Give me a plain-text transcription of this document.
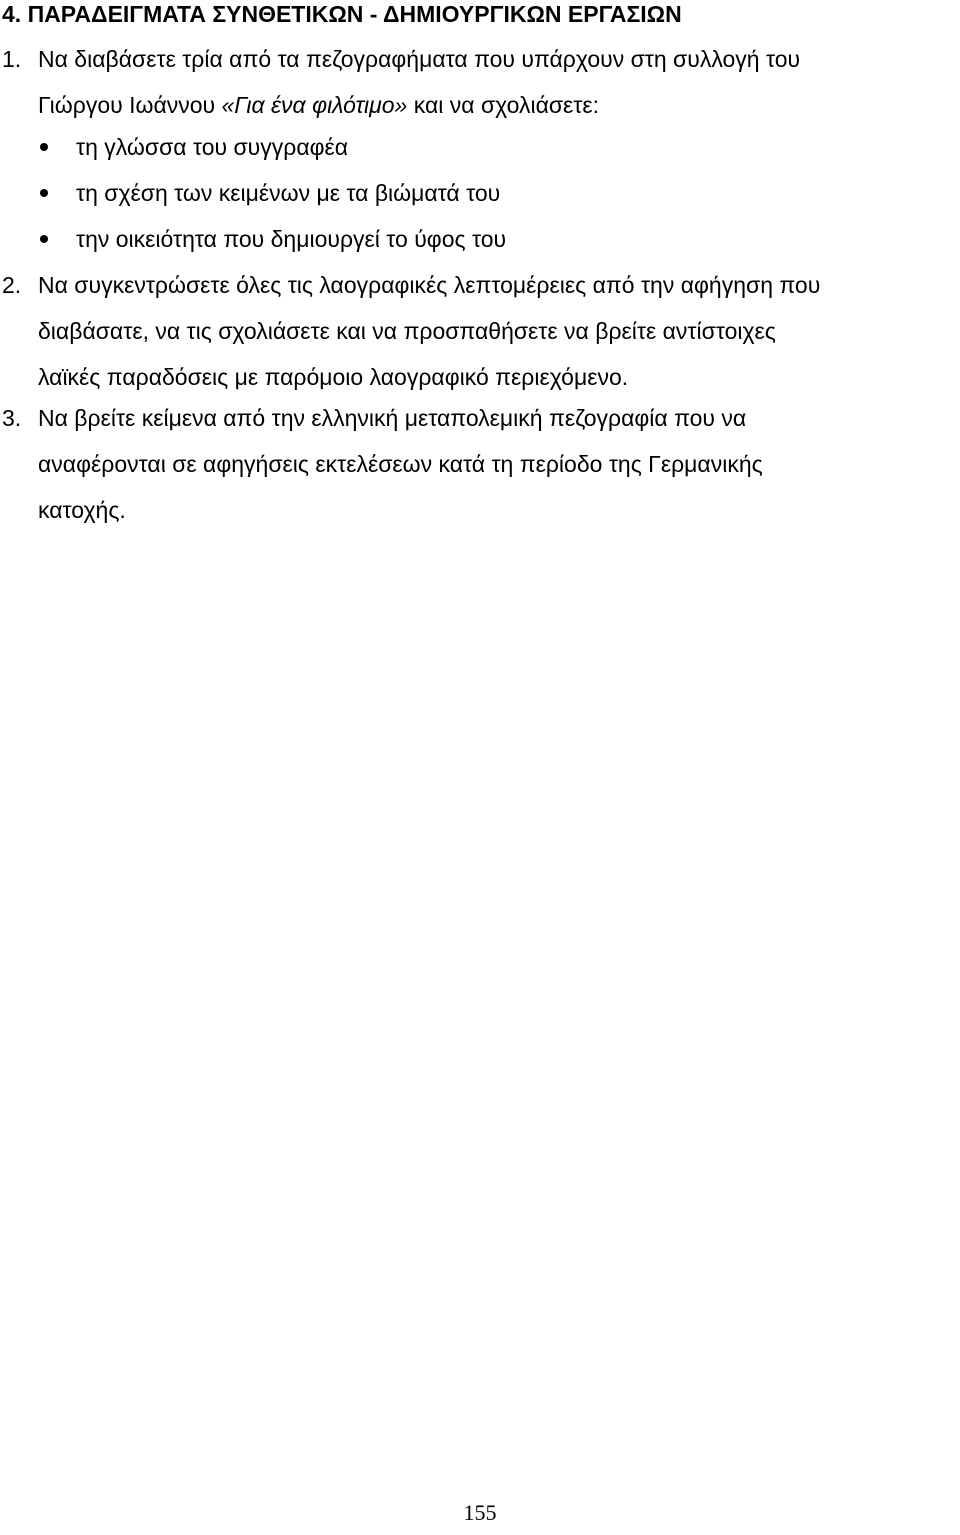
4. ΠΑΡΑΔΕΙΓΜΑΤΑ ΣΥΝΘΕΤΙΚΩΝ - ΔΗΜΙΟΥΡΓΙΚΩΝ ΕΡΓΑΣΙΩΝ
1. Να διαβάσετε τρία από τα πεζογραφήματα που υπάρχουν στη συλλογή του

Γιώργου Ιωάννου «Για ένα φιλότιμο» και να σχολιάσετε:

τη γλώσσα του συγγραφέα
τη σχέση των κειμένων με τα βιώματά του
την οικειότητα που δημιουργεί το ύφος του
2. Να συγκεντρώσετε όλες τις λαογραφικές λεπτομέρειες από την αφήγηση που

διαβάσατε, να τις σχολιάσετε και να προσπαθήσετε να βρείτε αντίστοιχες

λαϊκές παραδόσεις με παρόμοιο λαογραφικό περιεχόμενο.

3. Να βρείτε κείμενα από την ελληνική μεταπολεμική πεζογραφία που να

αναφέρονται σε αφηγήσεις εκτελέσεων κατά τη περίοδο της Γερμανικής

κατοχής.

155
